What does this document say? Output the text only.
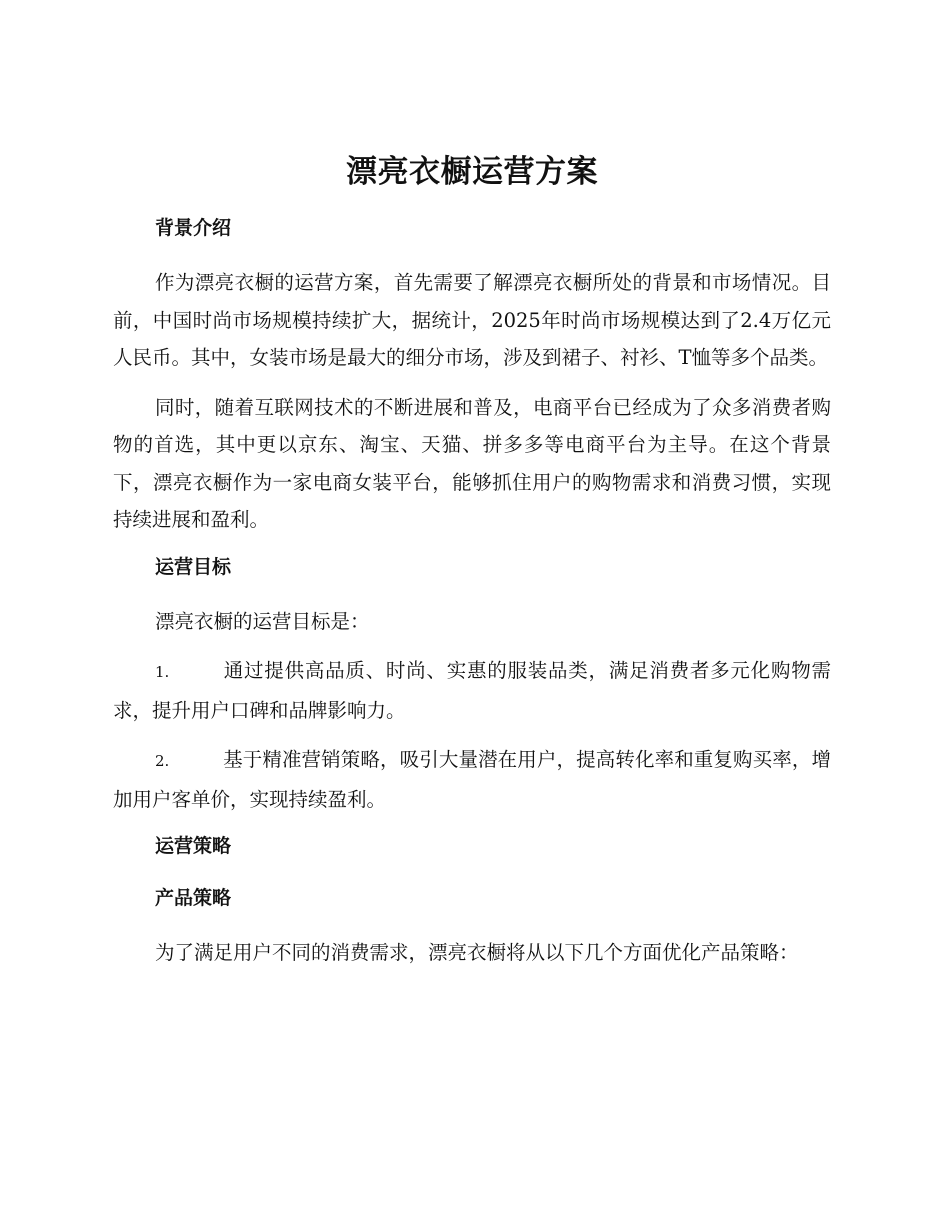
漂亮衣橱运营方案
背景介绍

作为漂亮衣橱的运营方案，首先需要了解漂亮衣橱所处的背景和市场情况。目前，中国时尚市场规模持续扩大，据统计，2025年时尚市场规模达到了2.4万亿元人民币。其中，女装市场是最大的细分市场，涉及到裙子、衬衫、T恤等多个品类。

同时，随着互联网技术的不断进展和普及，电商平台已经成为了众多消费者购物的首选，其中更以京东、淘宝、天猫、拼多多等电商平台为主导。在这个背景下，漂亮衣橱作为一家电商女装平台，能够抓住用户的购物需求和消费习惯，实现持续进展和盈利。

运营目标

漂亮衣橱的运营目标是：

1.	通过提供高品质、时尚、实惠的服装品类，满足消费者多元化购物需求，提升用户口碑和品牌影响力。

2.	基于精准营销策略，吸引大量潜在用户，提高转化率和重复购买率，增加用户客单价，实现持续盈利。

运营策略
产品策略

为了满足用户不同的消费需求，漂亮衣橱将从以下几个方面优化产品策略：
